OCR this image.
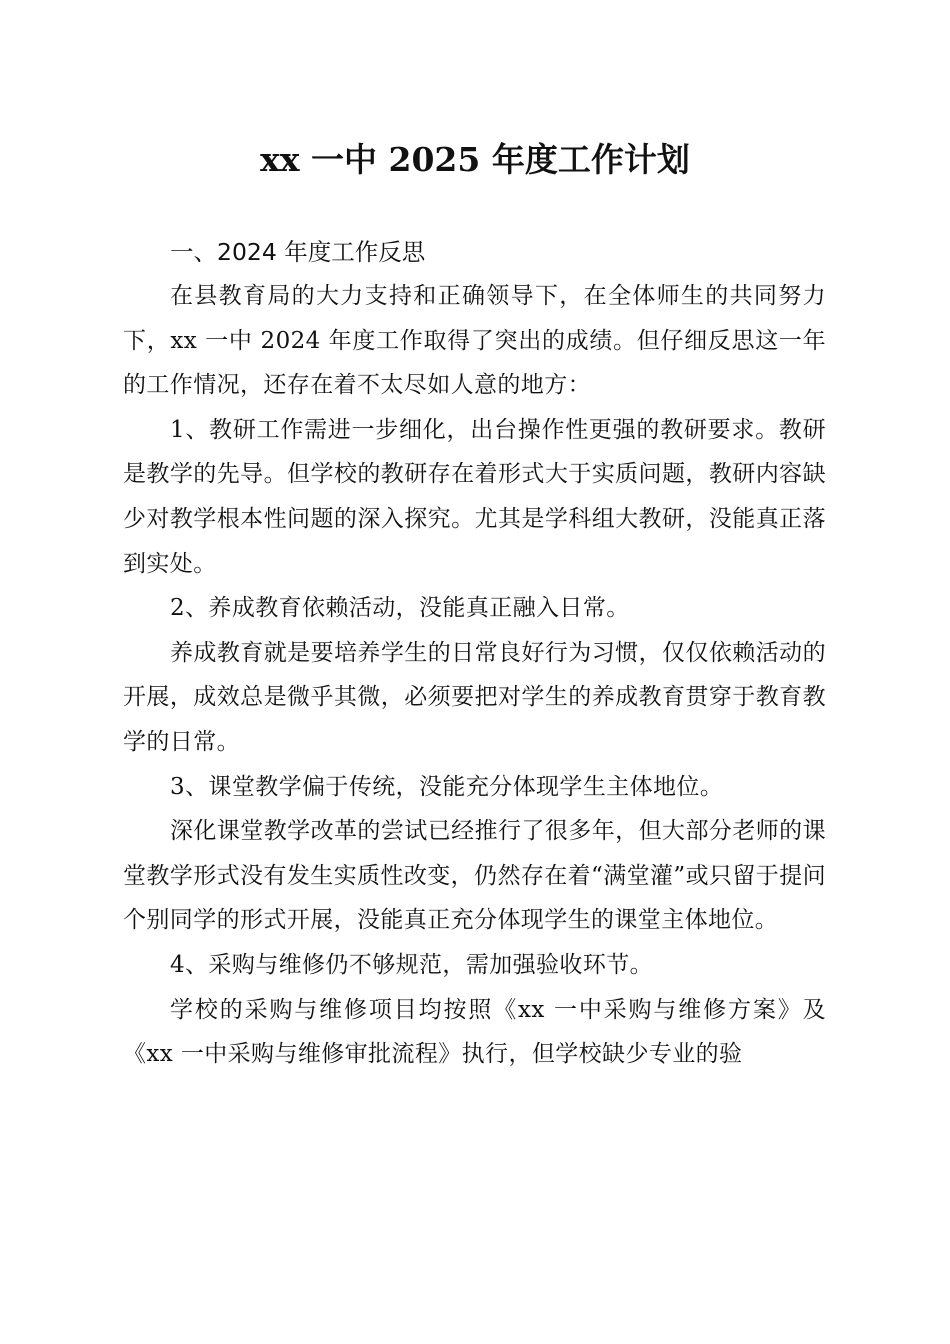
xx 一中 2025 年度工作计划
一、2024 年度工作反思

在县教育局的大力支持和正确领导下，在全体师生的共同努力下，xx 一中 2024 年度工作取得了突出的成绩。但仔细反思这一年的工作情况，还存在着不太尽如人意的地方：

1、教研工作需进一步细化，出台操作性更强的教研要求。教研是教学的先导。但学校的教研存在着形式大于实质问题，教研内容缺少对教学根本性问题的深入探究。尤其是学科组大教研，没能真正落到实处。

2、养成教育依赖活动，没能真正融入日常。

养成教育就是要培养学生的日常良好行为习惯，仅仅依赖活动的开展，成效总是微乎其微，必须要把对学生的养成教育贯穿于教育教学的日常。

3、课堂教学偏于传统，没能充分体现学生主体地位。

深化课堂教学改革的尝试已经推行了很多年，但大部分老师的课堂教学形式没有发生实质性改变，仍然存在着“满堂灌”或只留于提问个别同学的形式开展，没能真正充分体现学生的课堂主体地位。

4、采购与维修仍不够规范，需加强验收环节。

学校的采购与维修项目均按照《xx 一中采购与维修方案》及《xx 一中采购与维修审批流程》执行，但学校缺少专业的验
